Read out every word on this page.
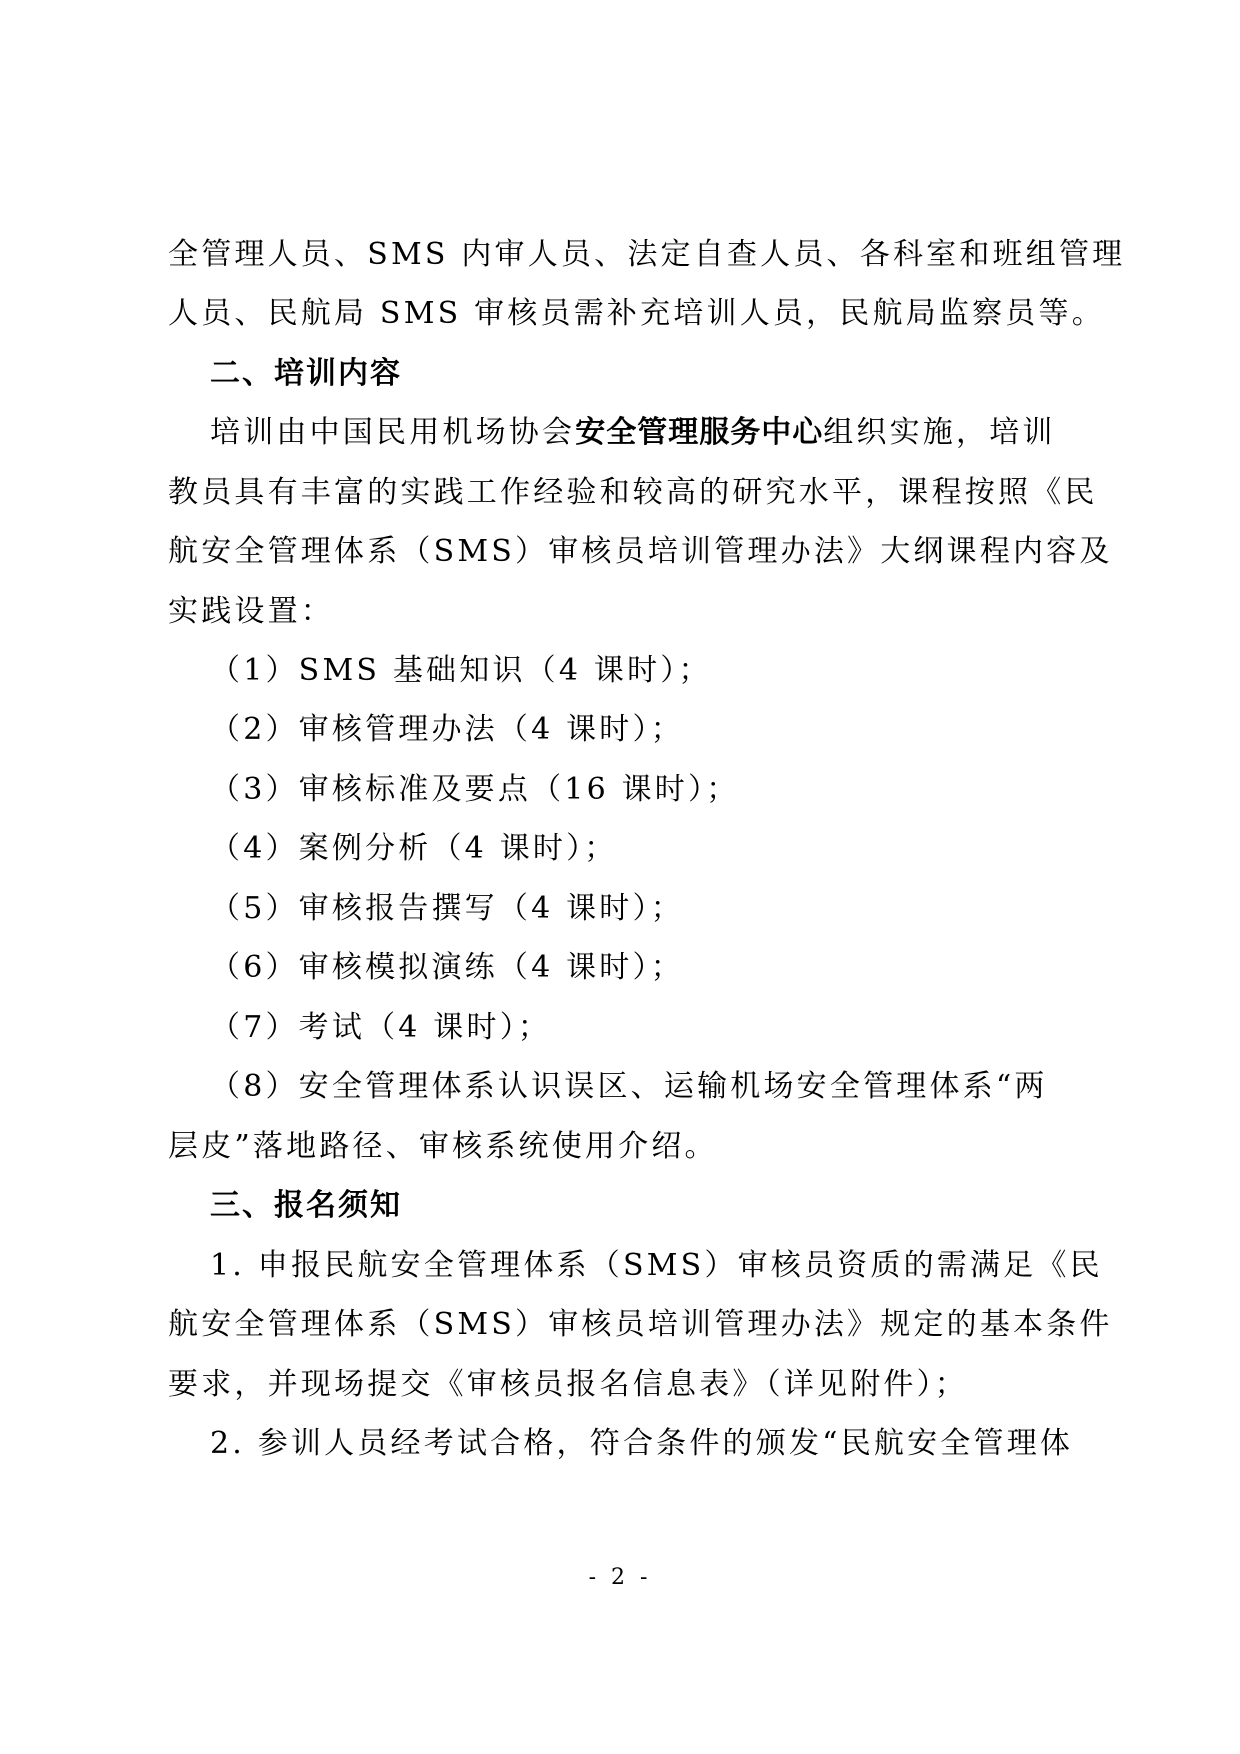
全管理人员、SMS 内审人员、法定自查人员、各科室和班组管理
人员、民航局 SMS 审核员需补充培训人员，民航局监察员等。
二、培训内容
培训由中国民用机场协会安全管理服务中心组织实施，培训
教员具有丰富的实践工作经验和较高的研究水平，课程按照《民
航安全管理体系（SMS）审核员培训管理办法》大纲课程内容及
实践设置：
（1）SMS 基础知识（4 课时）；
（2）审核管理办法（4 课时）；
（3）审核标准及要点（16 课时）；
（4）案例分析（4 课时）；
（5）审核报告撰写（4 课时）；
（6）审核模拟演练（4 课时）；
（7）考试（4 课时）；
（8）安全管理体系认识误区、运输机场安全管理体系“两
层皮”落地路径、审核系统使用介绍。
三、报名须知
1. 申报民航安全管理体系（SMS）审核员资质的需满足《民
航安全管理体系（SMS）审核员培训管理办法》规定的基本条件
要求，并现场提交《审核员报名信息表》（详见附件）；
2. 参训人员经考试合格，符合条件的颁发“民航安全管理体
- 2 -
